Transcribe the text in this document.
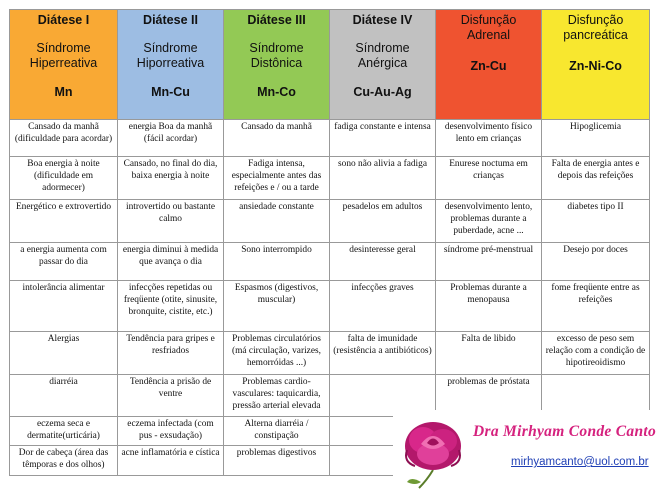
Diátese I
Síndrome
Hiperreativa
Mn	Diátese II
Síndrome
Hiporreativa
Mn-Cu	Diátese III
Síndrome
Distônica
Mn-Co	Diátese IV
Síndrome
Anérgica
Cu-Au-Ag	Disfunção
Adrenal
Zn-Cu	Disfunção
pancreática
Zn-Ni-Co

Cansado da manhã (dificuldade para acordar)	energia Boa da manhã (fácil acordar)	Cansado da manhã	fadiga constante e intensa	desenvolvimento físico lento em crianças	Hipoglicemia
Boa energia à noite (dificuldade em adormecer)	Cansado, no final do dia, baixa energia à noite	Fadiga intensa, especialmente antes das refeições e / ou a tarde	sono não alivia a fadiga	Enurese noctuma em crianças	Falta de energia antes e depois das refeições
Energético e extrovertido	introvertido ou bastante calmo	ansiedade constante	pesadelos em adultos	desenvolvimento lento, problemas durante a puberdade, acne ...	diabetes tipo II
a energia aumenta com passar do dia	energia diminui à medida que avança o dia	Sono interrompido	desinteresse geral	síndrome pré-menstrual	Desejo por doces
intolerância alimentar	infecções repetidas ou freqüente (otite, sinusite, bronquite, cistite, etc.)	Espasmos (digestivos, muscular)	infecções graves	Problemas durante a menopausa	fome freqüente entre as refeições
Alergias	Tendência para gripes e resfriados	Problemas circulatórios (má circulação, varizes, hemorróidas ...)	falta de imunidade (resistência a antibióticos)	Falta de libido	excesso de peso sem relação com a condição de hipotireoidismo
diarréia	Tendência a prisão de ventre	Problemas cardio-vasculares: taquicardia, pressão arterial elevada		problemas de próstata	
eczema seca e dermatite(urticária)	eczema infectada (com pus - exsudação)	Alterna diarréia / constipação			
Dor de cabeça (área das têmporas e dos olhos)	acne inflamatória e cística	problemas digestivos			
Dra Mirhyam Conde Canto
mirhyamcanto@uol.com.br
